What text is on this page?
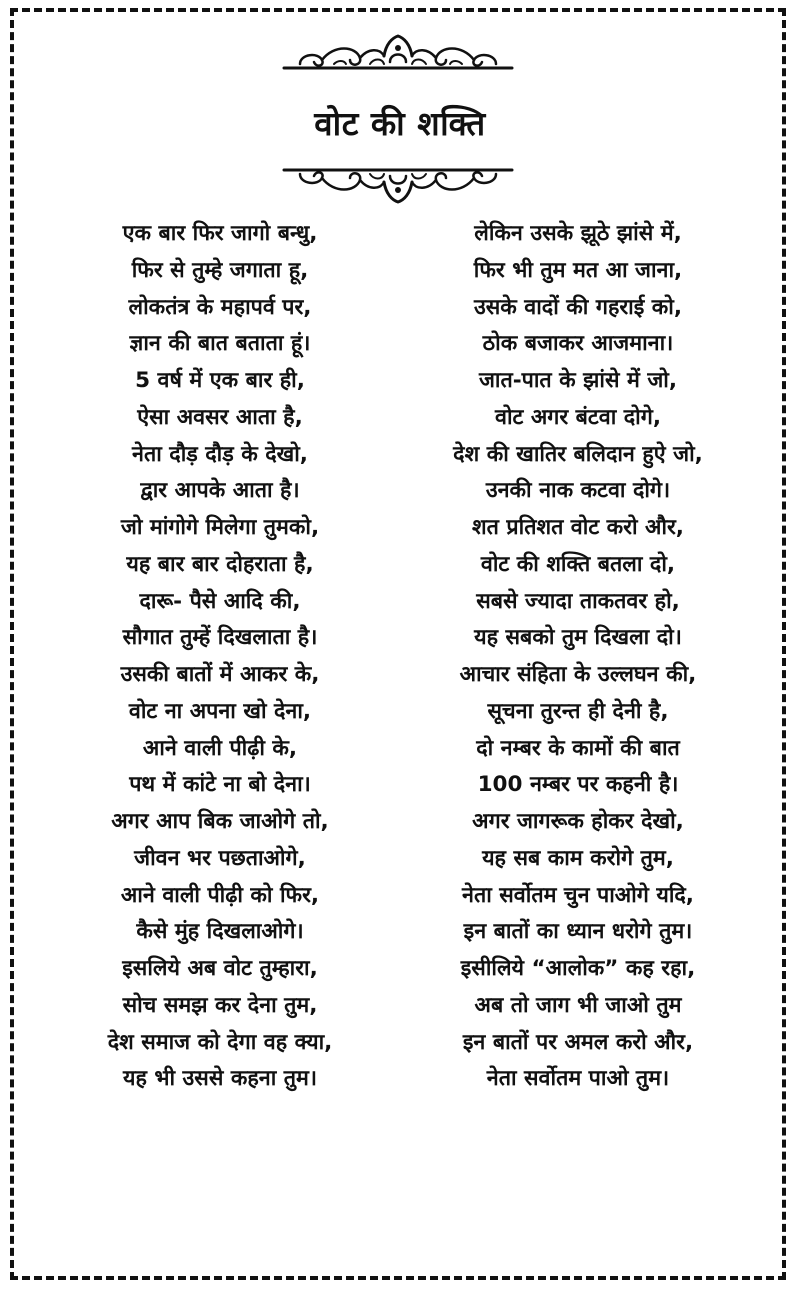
वोट की शक्ति
एक बार फिर जागो बन्धु,
फिर से तुम्हे जगाता हू,
लोकतंत्र के महापर्व पर,
ज्ञान की बात बताता हूं।
5 वर्ष में एक बार ही,
ऐसा अवसर आता है,
नेता दौड़ दौड़ के देखो,
द्वार आपके आता है।
जो मांगोगे मिलेगा तुमको,
यह बार बार दोहराता है,
दारू- पैसे आदि की,
सौगात तुम्हें दिखलाता है।
उसकी बातों में आकर के,
वोट ना अपना खो देना,
आने वाली पीढ़ी के,
पथ में कांटे ना बो देना।
अगर आप बिक जाओगे तो,
जीवन भर पछताओगे,
आने वाली पीढ़ी को फिर,
कैसे मुंह दिखलाओगे।
इसलिये अब वोट तुम्हारा,
सोच समझ कर देना तुम,
देश समाज को देगा वह क्या,
यह भी उससे कहना तुम।
लेकिन उसके झूठे झांसे में,
फिर भी तुम मत आ जाना,
उसके वादों की गहराई को,
ठोक बजाकर आजमाना।
जात-पात के झांसे में जो,
वोट अगर बंटवा दोगे,
देश की खातिर बलिदान हुऐ जो,
उनकी नाक कटवा दोगे।
शत प्रतिशत वोट करो और,
वोट की शक्ति बतला दो,
सबसे ज्यादा ताकतवर हो,
यह सबको तुम दिखला दो।
आचार संहिता के उल्लघन की,
सूचना तुरन्त ही देनी है,
दो नम्बर के कामों की बात
100 नम्बर पर कहनी है।
अगर जागरूक होकर देखो,
यह सब काम करोगे तुम,
नेता सर्वोतम चुन पाओगे यदि,
इन बातों का ध्यान धरोगे तुम।
इसीलिये “आलोक” कह रहा,
अब तो जाग भी जाओ तुम
इन बातों पर अमल करो और,
नेता सर्वोतम पाओ तुम।
